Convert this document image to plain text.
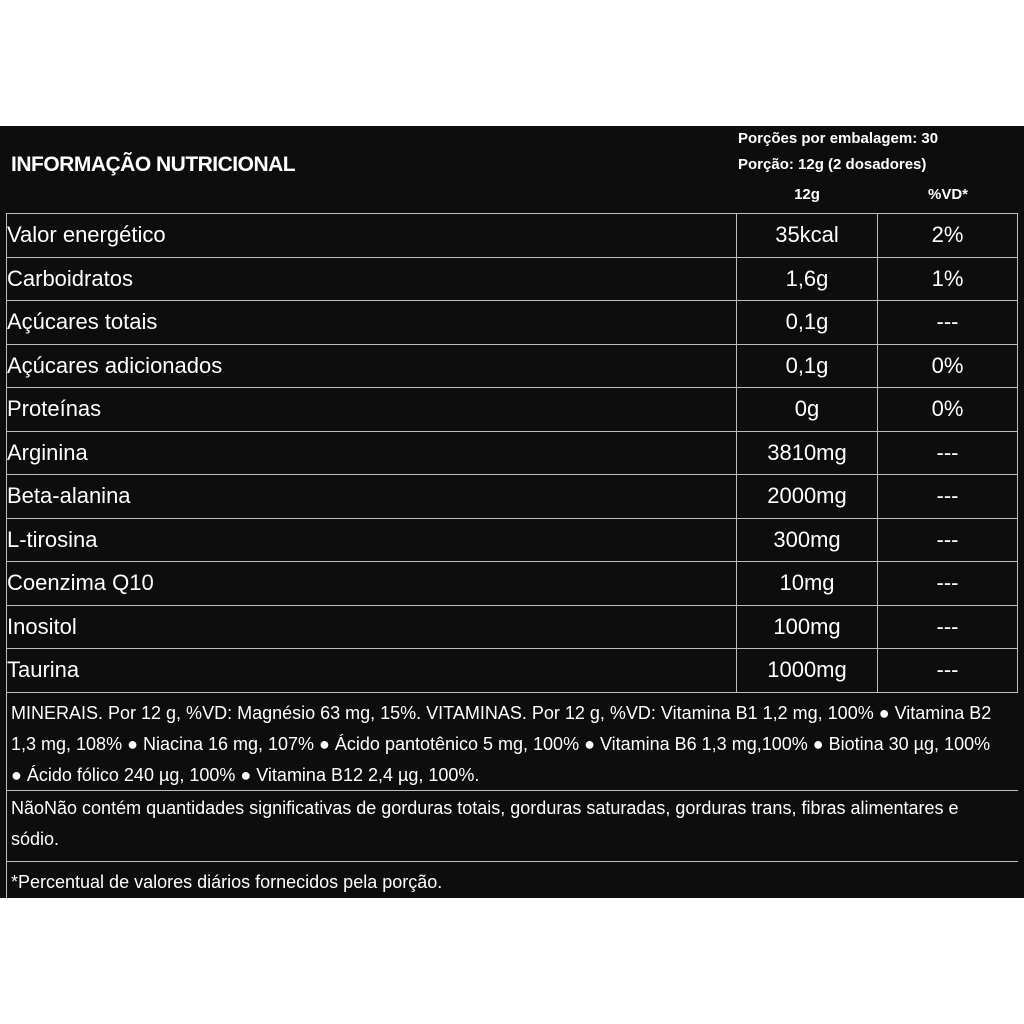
INFORMAÇÃO NUTRICIONAL
Porções por embalagem: 30
Porção: 12g (2 dosadores)
12g	%VD*
Valor energético	35kcal	2%
Carboidratos	1,6g	1%
Açúcares totais	0,1g	---
Açúcares adicionados	0,1g	0%
Proteínas	0g	0%
Arginina	3810mg	---
Beta-alanina	2000mg	---
L-tirosina	300mg	---
Coenzima Q10	10mg	---
Inositol	100mg	---
Taurina	1000mg	---
MINERAIS. Por 12 g, %VD: Magnésio 63 mg, 15%. VITAMINAS. Por 12 g, %VD: Vitamina B1 1,2 mg, 100% ● Vitamina B2 1,3 mg, 108% ● Niacina 16 mg, 107% ● Ácido pantotênico 5 mg, 100% ● Vitamina B6 1,3 mg,100% ● Biotina 30 µg, 100% ● Ácido fólico 240 µg, 100% ● Vitamina B12 2,4 µg, 100%.
NãoNão contém quantidades significativas de gorduras totais, gorduras saturadas, gorduras trans, fibras alimentares e sódio.
*Percentual de valores diários fornecidos pela porção.
